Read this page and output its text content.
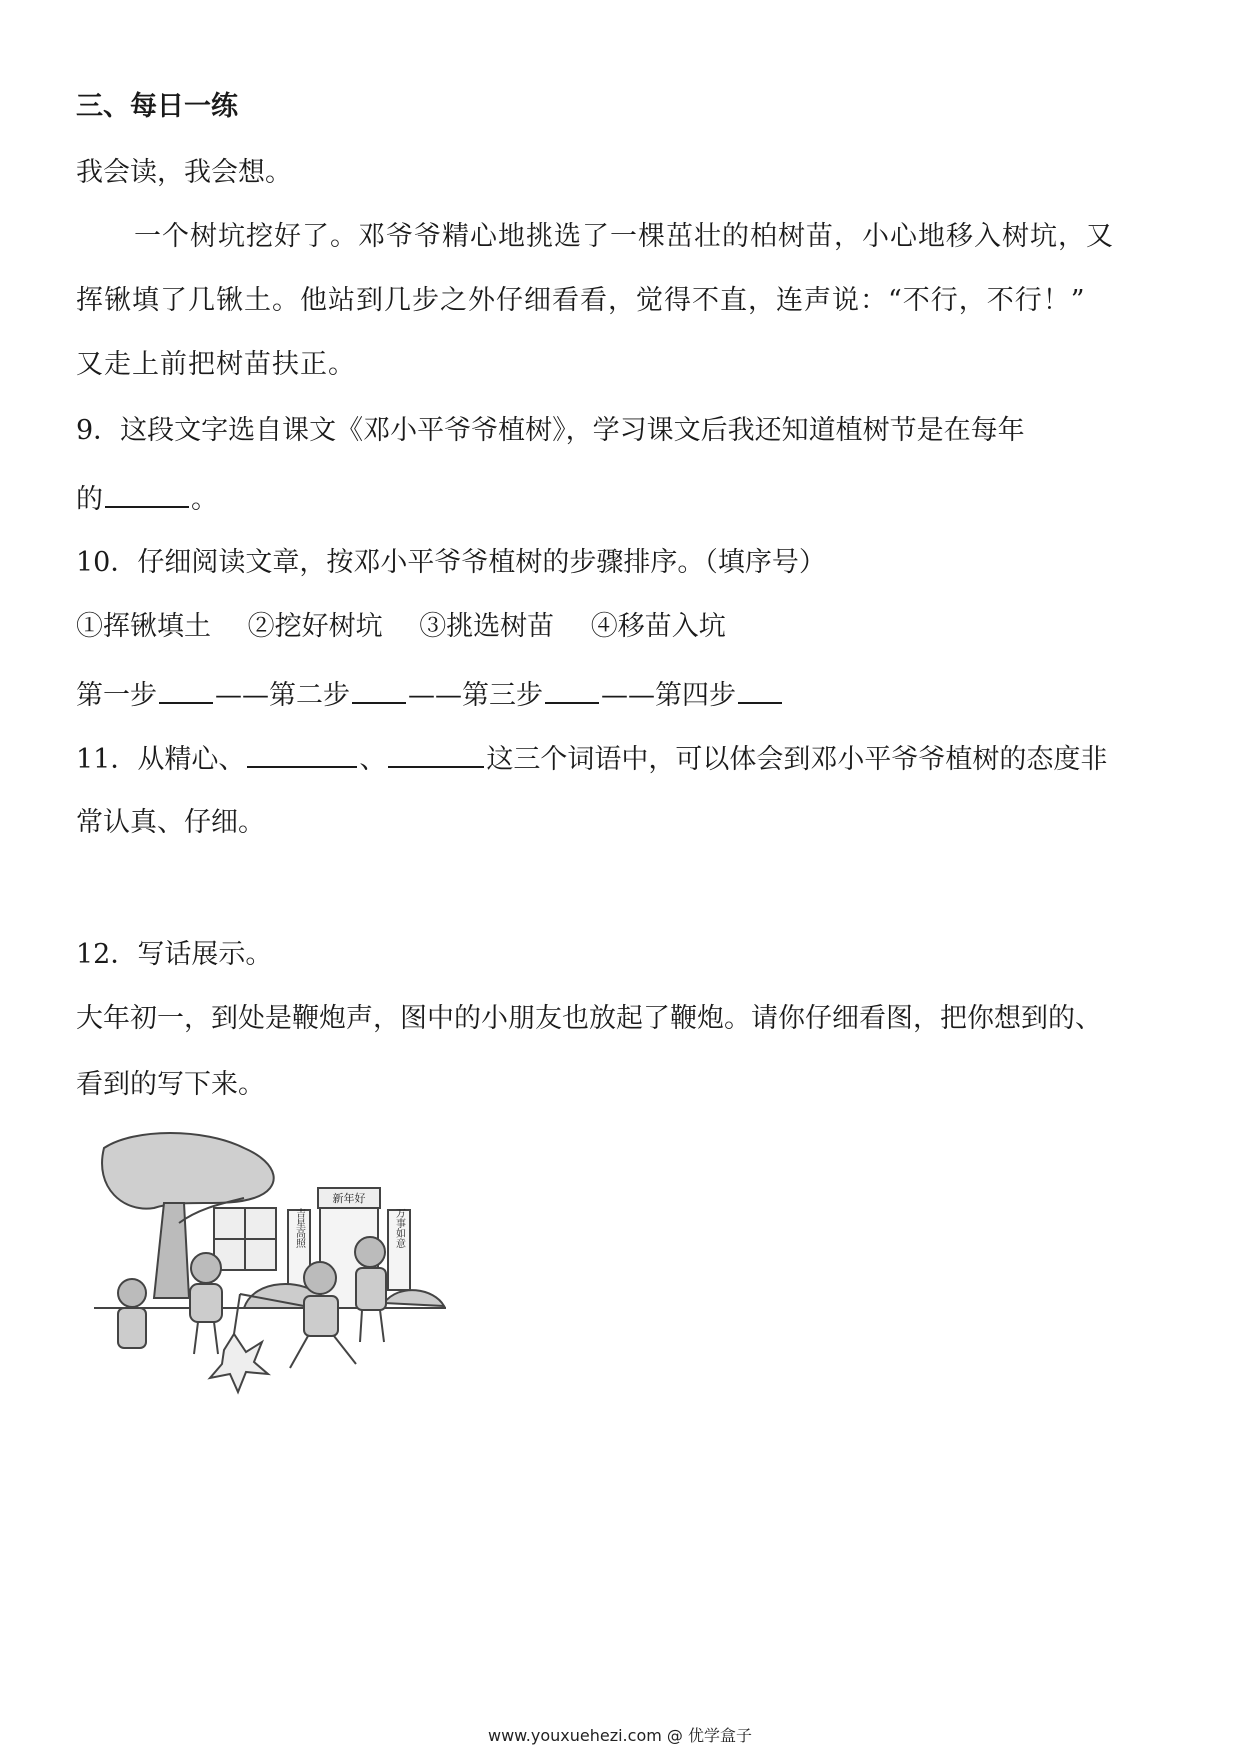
三、每日一练
我会读，我会想。
一个树坑挖好了。邓爷爷精心地挑选了一棵茁壮的柏树苗，小心地移入树坑，又
挥锹填了几锹土。他站到几步之外仔细看看，觉得不直，连声说：“不行，不行！”
又走上前把树苗扶正。
9．这段文字选自课文《邓小平爷爷植树》，学习课文后我还知道植树节是在每年
的	。
10．仔细阅读文章，按邓小平爷爷植树的步骤排序。（填序号）
①挥锹填土 ②挖好树坑 ③挑选树苗 ④移苗入坑
第一步 ——第二步 ——第三步 ——第四步
11．从精心、	、	这三个词语中，可以体会到邓小平爷爷植树的态度非
常认真、仔细。
12．写话展示。
大年初一，到处是鞭炮声，图中的小朋友也放起了鞭炮。请你仔细看图，把你想到的、
看到的写下来。
新年好
吉星高照	万事如意
www.youxuehezi.com @ 优学盒子
